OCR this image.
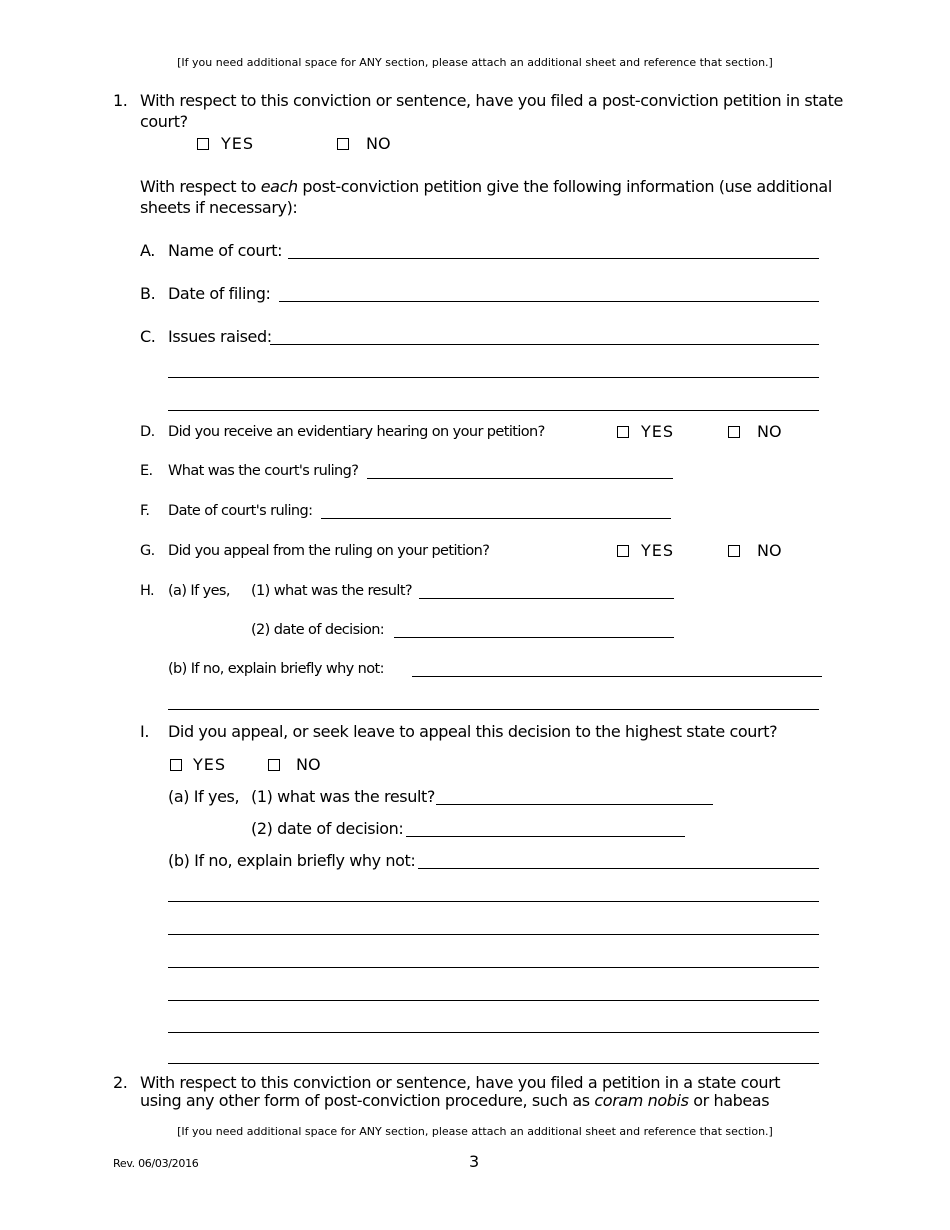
[If you need additional space for ANY section, please attach an additional sheet and reference that section.]
1. With respect to this conviction or sentence, have you filed a post-conviction petition in state
court?
YES	NO
With respect to each post-conviction petition give the following information (use additional
sheets if necessary):
A. Name of court:
B. Date of filing:
C. Issues raised:
D. Did you receive an evidentiary hearing on your petition?	YES	NO
E. What was the court's ruling?
F. Date of court's ruling:
G. Did you appeal from the ruling on your petition?	YES	NO
H. (a) If yes, (1) what was the result?
(2) date of decision:
(b) If no, explain briefly why not:
I. Did you appeal, or seek leave to appeal this decision to the highest state court?
YES	NO
(a) If yes, (1) what was the result?
(2) date of decision:
(b) If no, explain briefly why not:
2. With respect to this conviction or sentence, have you filed a petition in a state court
using any other form of post-conviction procedure, such as coram nobis or habeas
[If you need additional space for ANY section, please attach an additional sheet and reference that section.]
Rev. 06/03/2016	3
